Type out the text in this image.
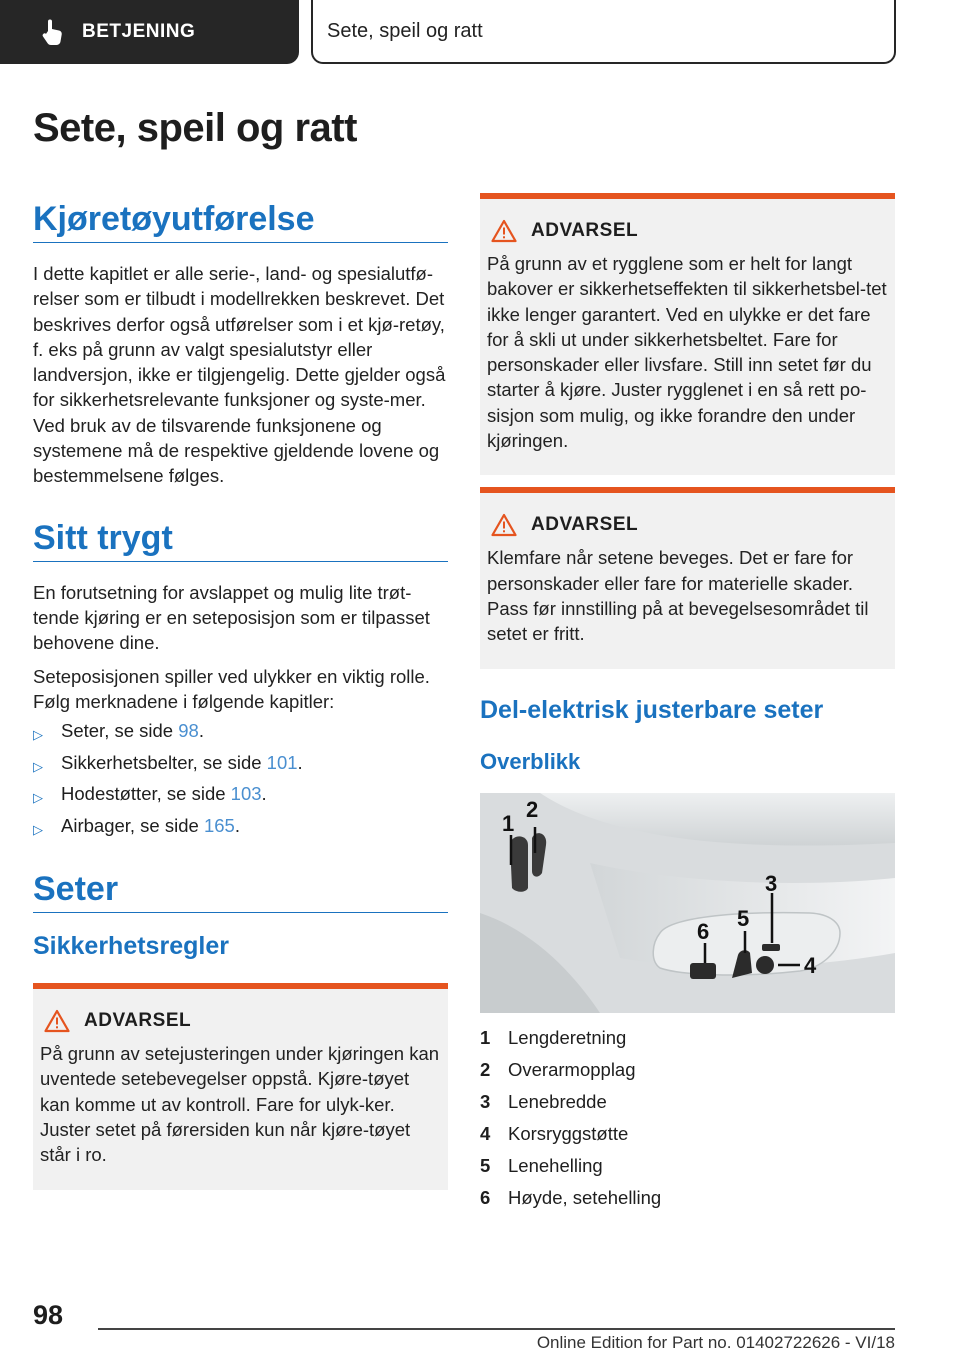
BETJENING	Sete, speil og ratt
Sete, speil og ratt
Kjøretøyutførelse

I dette kapitlet er alle serie-, land- og spesialutfø-relser som er tilbudt i modellrekken beskrevet. Det beskrives derfor også utførelser som i et kjø-retøy, f. eks på grunn av valgt spesialutstyr eller landversjon, ikke er tilgjengelig. Dette gjelder også for sikkerhetsrelevante funksjoner og syste-mer. Ved bruk av de tilsvarende funksjonene og systemene må de respektive gjeldende lovene og bestemmelsene følges.

Sitt trygt

En forutsetning for avslappet og mulig lite trøt-tende kjøring er en seteposisjon som er tilpasset behovene dine.

Seteposisjonen spiller ved ulykker en viktig rolle. Følg merknadene i følgende kapitler:

▷ Seter, se side 98.
▷ Sikkerhetsbelter, se side 101.
▷ Hodestøtter, se side 103.
▷ Airbager, se side 165.
Seter
Sikkerhetsregler
ADVARSEL

På grunn av setejusteringen under kjøringen kan uventede setebevegelser oppstå. Kjøre-tøyet kan komme ut av kontroll. Fare for ulyk-ker. Juster setet på førersiden kun når kjøre-tøyet står i ro.

ADVARSEL

På grunn av et rygglene som er helt for langt bakover er sikkerhetseffekten til sikkerhetsbel-tet ikke lenger garantert. Ved en ulykke er det fare for å skli ut under sikkerhetsbeltet. Fare for personskader eller livsfare. Still inn setet før du starter å kjøre. Juster rygglenet i en så rett po-sisjon som mulig, og ikke forandre den under kjøringen.

ADVARSEL

Klemfare når setene beveges. Det er fare for personskader eller fare for materielle skader. Pass før innstilling på at bevegelsesområdet til setet er fritt.

Del‑elektrisk justerbare seter
Overblikk
1
2
3
4
5
6
1 Lengderetning
2 Overarmopplag
3 Lenebredde
4 Korsryggstøtte
5 Lenehelling
6 Høyde, setehelling
98
Online Edition for Part no. 01402722626 - VI/18
